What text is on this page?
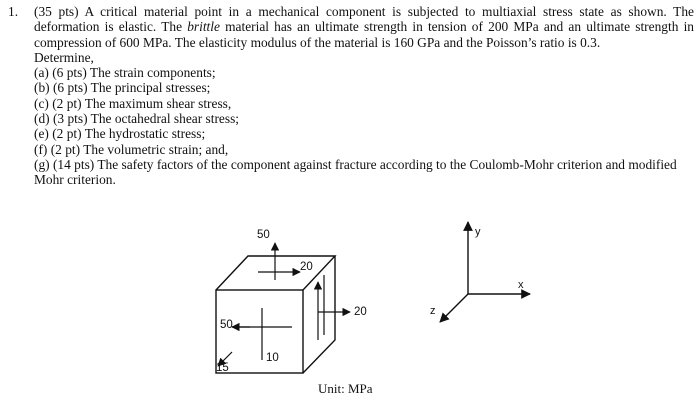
1. (35 pts) A critical material point in a mechanical component is subjected to multiaxial stress state as shown. The deformation is elastic. The brittle material has an ultimate strength in tension of 200 MPa and an ultimate strength in compression of 600 MPa. The elasticity modulus of the material is 160 GPa and the Poisson’s ratio is 0.3.

Determine,

(a) (6 pts) The strain components;

(b) (6 pts) The principal stresses;

(c) (2 pt) The maximum shear stress,

(d) (3 pts) The octahedral shear stress;

(e) (2 pt) The hydrostatic stress;

(f) (2 pt) The volumetric strain; and,

(g) (14 pts) The safety factors of the component against fracture according to the Coulomb-Mohr criterion and modified Mohr criterion.

50
20
50
20
10
15
Unit: MPa
y
x
z
